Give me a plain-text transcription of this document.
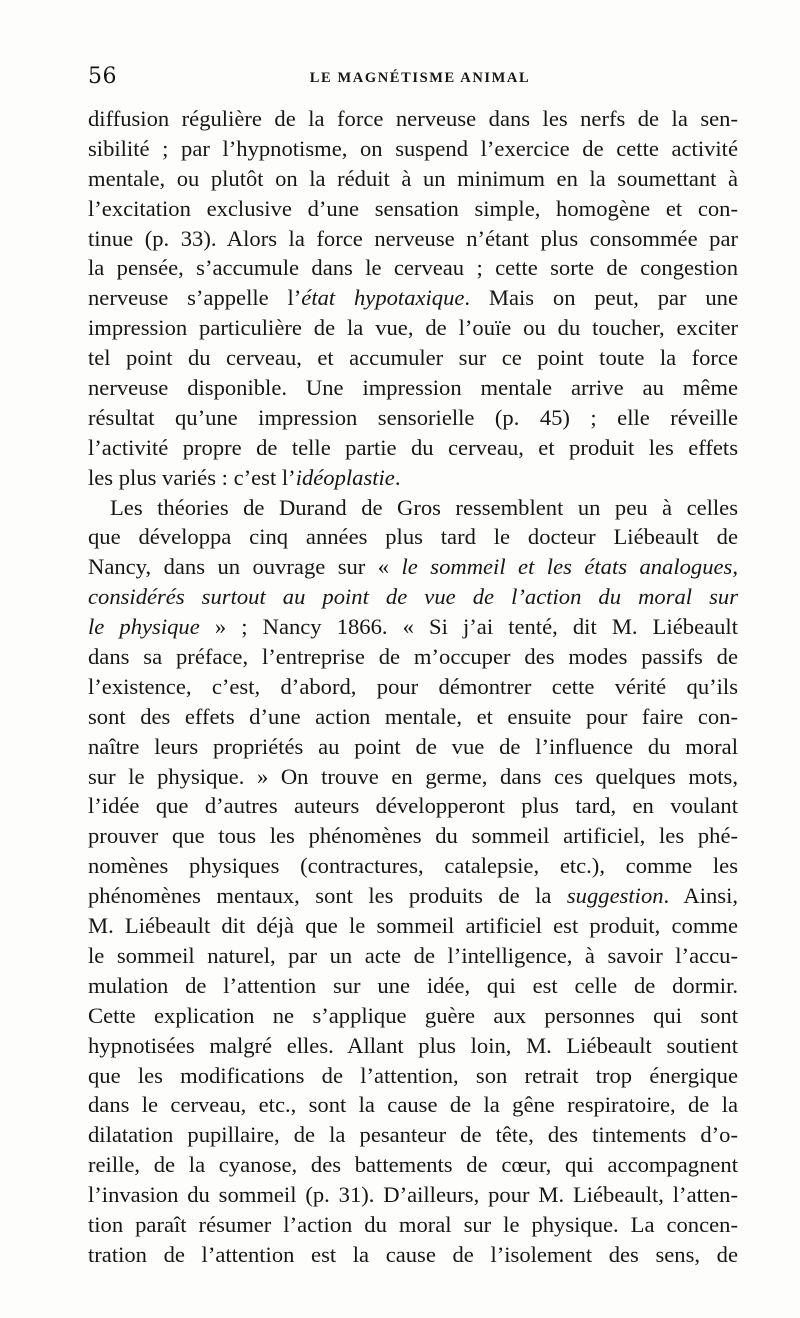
56	LE MAGNÉTISME ANIMAL
diffusion régulière de la force nerveuse dans les nerfs de la sen-
sibilité ; par l’hypnotisme, on suspend l’exercice de cette activité
mentale, ou plutôt on la réduit à un minimum en la soumettant à
l’excitation exclusive d’une sensation simple, homogène et con-
tinue (p. 33). Alors la force nerveuse n’étant plus consommée par
la pensée, s’accumule dans le cerveau ; cette sorte de congestion
nerveuse s’appelle l’état hypotaxique. Mais on peut, par une
impression particulière de la vue, de l’ouïe ou du toucher, exciter
tel point du cerveau, et accumuler sur ce point toute la force
nerveuse disponible. Une impression mentale arrive au même
résultat qu’une impression sensorielle (p. 45) ; elle réveille
l’activité propre de telle partie du cerveau, et produit les effets
les plus variés : c’est l’idéoplastie.
Les théories de Durand de Gros ressemblent un peu à celles
que développa cinq années plus tard le docteur Liébeault de
Nancy, dans un ouvrage sur « le sommeil et les états analogues,
considérés surtout au point de vue de l’action du moral sur
le physique » ; Nancy 1866. « Si j’ai tenté, dit M. Liébeault
dans sa préface, l’entreprise de m’occuper des modes passifs de
l’existence, c’est, d’abord, pour démontrer cette vérité qu’ils
sont des effets d’une action mentale, et ensuite pour faire con-
naître leurs propriétés au point de vue de l’influence du moral
sur le physique. » On trouve en germe, dans ces quelques mots,
l’idée que d’autres auteurs développeront plus tard, en voulant
prouver que tous les phénomènes du sommeil artificiel, les phé-
nomènes physiques (contractures, catalepsie, etc.), comme les
phénomènes mentaux, sont les produits de la suggestion. Ainsi,
M. Liébeault dit déjà que le sommeil artificiel est produit, comme
le sommeil naturel, par un acte de l’intelligence, à savoir l’accu-
mulation de l’attention sur une idée, qui est celle de dormir.
Cette explication ne s’applique guère aux personnes qui sont
hypnotisées malgré elles. Allant plus loin, M. Liébeault soutient
que les modifications de l’attention, son retrait trop énergique
dans le cerveau, etc., sont la cause de la gêne respiratoire, de la
dilatation pupillaire, de la pesanteur de tête, des tintements d’o-
reille, de la cyanose, des battements de cœur, qui accompagnent
l’invasion du sommeil (p. 31). D’ailleurs, pour M. Liébeault, l’atten-
tion paraît résumer l’action du moral sur le physique. La concen-
tration de l’attention est la cause de l’isolement des sens, de
